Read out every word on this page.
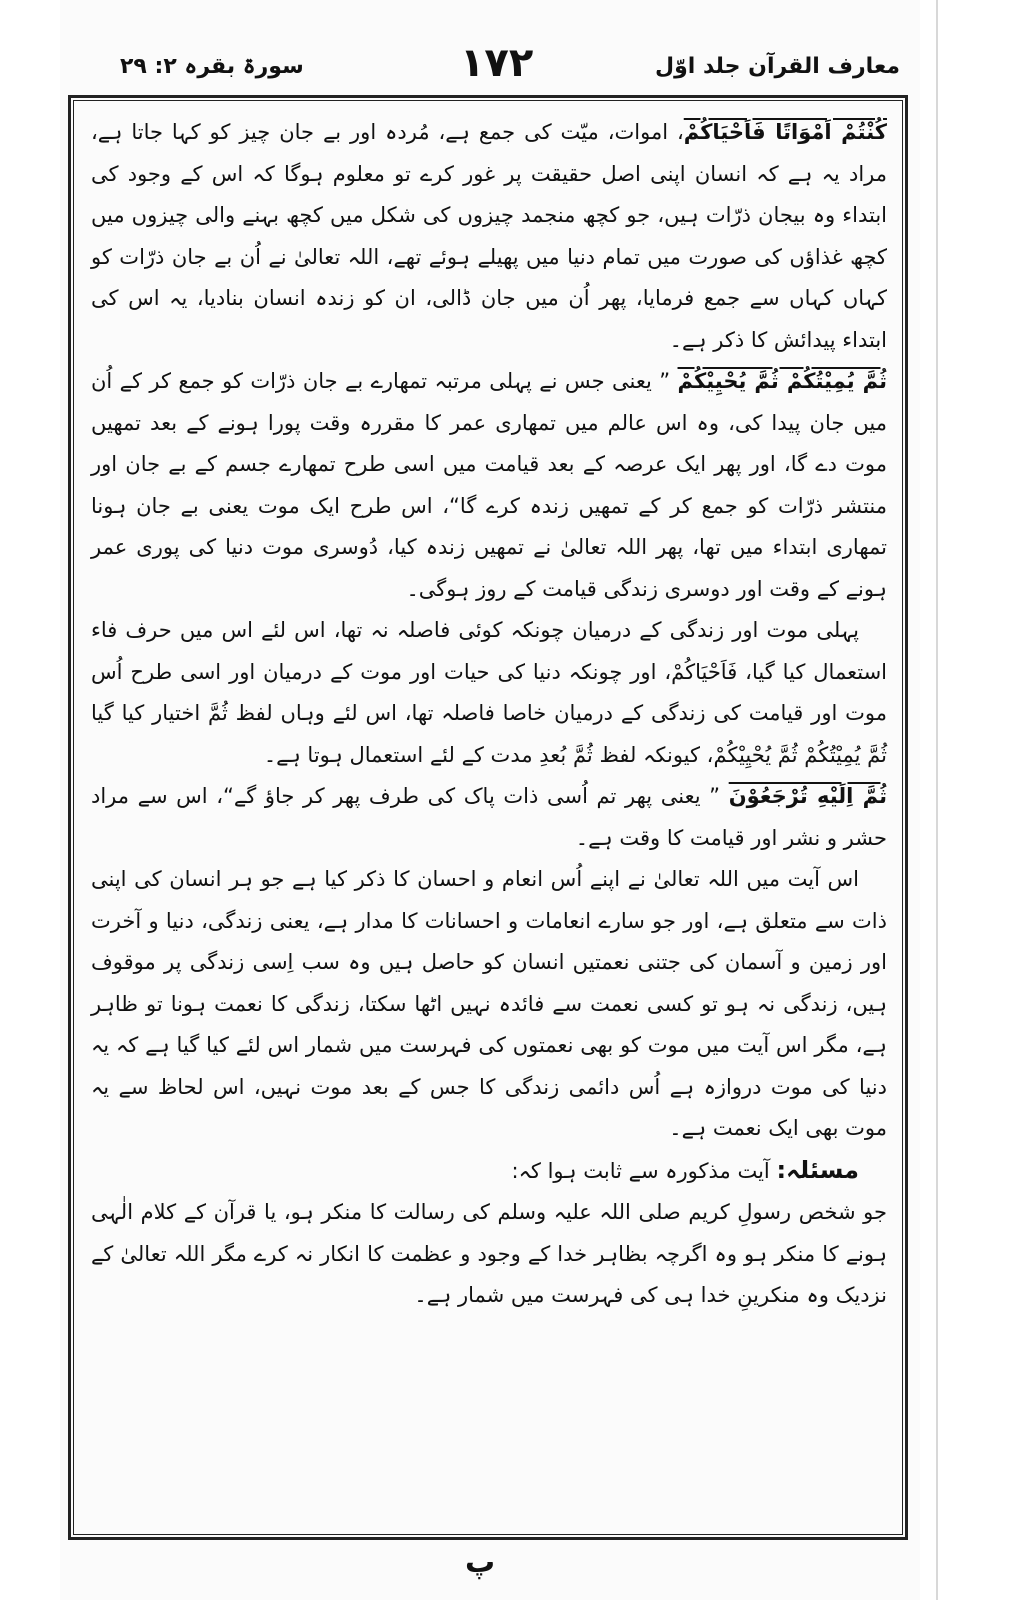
سورۃ بقرہ ۲: ۲۹	۱۷۲	معارف القرآن جلد اوّل

کُنْتُمْ اَمْوَاتًا فَاَحْیَاکُمْ، اموات، میّت کی جمع ہے، مُردہ اور بے جان چیز کو کہا جاتا ہے، مراد یہ ہے کہ انسان اپنی اصل حقیقت پر غور کرے تو معلوم ہوگا کہ اس کے وجود کی ابتداء وہ بیجان ذرّات ہیں، جو کچھ منجمد چیزوں کی شکل میں کچھ بہنے والی چیزوں میں کچھ غذاؤں کی صورت میں تمام دنیا میں پھیلے ہوئے تھے، اللہ تعالیٰ نے اُن بے جان ذرّات کو کہاں کہاں سے جمع فرمایا، پھر اُن میں جان ڈالی، ان کو زندہ انسان بنادیا، یہ اس کی ابتداء پیدائش کا ذکر ہے۔

ثُمَّ یُمِیْتُکُمْ ثُمَّ یُحْیِیْکُمْ ” یعنی جس نے پہلی مرتبہ تمھارے بے جان ذرّات کو جمع کر کے اُن میں جان پیدا کی، وہ اس عالم میں تمھاری عمر کا مقررہ وقت پورا ہونے کے بعد تمھیں موت دے گا، اور پھر ایک عرصہ کے بعد قیامت میں اسی طرح تمھارے جسم کے بے جان اور منتشر ذرّات کو جمع کر کے تمھیں زندہ کرے گا“، اس طرح ایک موت یعنی بے جان ہونا تمھاری ابتداء میں تھا، پھر اللہ تعالیٰ نے تمھیں زندہ کیا، دُوسری موت دنیا کی پوری عمر ہونے کے وقت اور دوسری زندگی قیامت کے روز ہوگی۔

پہلی موت اور زندگی کے درمیان چونکہ کوئی فاصلہ نہ تھا، اس لئے اس میں حرف فاء استعمال کیا گیا، فَاَحْیَاکُمْ، اور چونکہ دنیا کی حیات اور موت کے درمیان اور اسی طرح اُس موت اور قیامت کی زندگی کے درمیان خاصا فاصلہ تھا، اس لئے وہاں لفظ ثُمَّ اختیار کیا گیا ثُمَّ یُمِیْتُکُمْ ثُمَّ یُحْیِیْکُمْ، کیونکہ لفظ ثُمَّ بُعدِ مدت کے لئے استعمال ہوتا ہے۔

ثُمَّ اِلَیْهِ تُرْجَعُوْنَ ” یعنی پھر تم اُسی ذات پاک کی طرف پھر کر جاؤ گے“، اس سے مراد حشر و نشر اور قیامت کا وقت ہے۔

اس آیت میں اللہ تعالیٰ نے اپنے اُس انعام و احسان کا ذکر کیا ہے جو ہر انسان کی اپنی ذات سے متعلق ہے، اور جو سارے انعامات و احسانات کا مدار ہے، یعنی زندگی، دنیا و آخرت اور زمین و آسمان کی جتنی نعمتیں انسان کو حاصل ہیں وہ سب اِسی زندگی پر موقوف ہیں، زندگی نہ ہو تو کسی نعمت سے فائدہ نہیں اٹھا سکتا، زندگی کا نعمت ہونا تو ظاہر ہے، مگر اس آیت میں موت کو بھی نعمتوں کی فہرست میں شمار اس لئے کیا گیا ہے کہ یہ دنیا کی موت دروازہ ہے اُس دائمی زندگی کا جس کے بعد موت نہیں، اس لحاظ سے یہ موت بھی ایک نعمت ہے۔

مسئلہ: آیت مذکورہ سے ثابت ہوا کہ:

جو شخص رسولِ کریم صلی اللہ علیہ وسلم کی رسالت کا منکر ہو، یا قرآن کے کلام الٰہی ہونے کا منکر ہو وہ اگرچہ بظاہر خدا کے وجود و عظمت کا انکار نہ کرے مگر اللہ تعالیٰ کے نزدیک وہ منکرینِ خدا ہی کی فہرست میں شمار ہے۔

پ
